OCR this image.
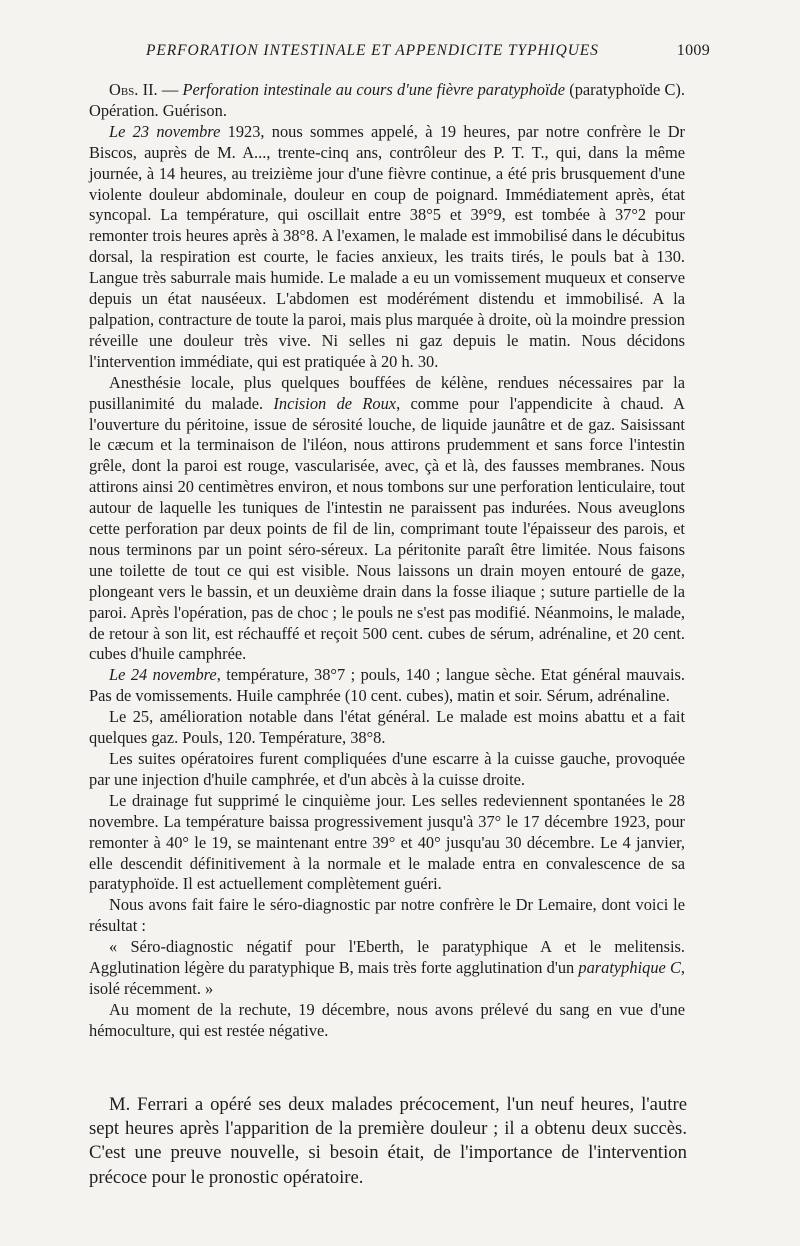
PERFORATION INTESTINALE ET APPENDICITE TYPHIQUES	1009

Obs. II. — Perforation intestinale au cours d'une fièvre paratyphoïde (paratyphoïde C). Opération. Guérison.

Le 23 novembre 1923, nous sommes appelé, à 19 heures, par notre confrère le Dr Biscos, auprès de M. A..., trente-cinq ans, contrôleur des P. T. T., qui, dans la même journée, à 14 heures, au treizième jour d'une fièvre continue, a été pris brusquement d'une violente douleur abdominale, douleur en coup de poignard. Immédiatement après, état syncopal. La température, qui oscillait entre 38°5 et 39°9, est tombée à 37°2 pour remonter trois heures après à 38°8. A l'examen, le malade est immobilisé dans le décubitus dorsal, la respiration est courte, le facies anxieux, les traits tirés, le pouls bat à 130. Langue très saburrale mais humide. Le malade a eu un vomissement muqueux et conserve depuis un état nauséeux. L'abdomen est modérément distendu et immobilisé. A la palpation, contracture de toute la paroi, mais plus marquée à droite, où la moindre pression réveille une douleur très vive. Ni selles ni gaz depuis le matin. Nous décidons l'intervention immédiate, qui est pratiquée à 20 h. 30.

Anesthésie locale, plus quelques bouffées de kélène, rendues nécessaires par la pusillanimité du malade. Incision de Roux, comme pour l'appendicite à chaud. A l'ouverture du péritoine, issue de sérosité louche, de liquide jaunâtre et de gaz. Saisissant le cæcum et la terminaison de l'iléon, nous attirons prudemment et sans force l'intestin grêle, dont la paroi est rouge, vascularisée, avec, çà et là, des fausses membranes. Nous attirons ainsi 20 centimètres environ, et nous tombons sur une perforation lenticulaire, tout autour de laquelle les tuniques de l'intestin ne paraissent pas indurées. Nous aveuglons cette perforation par deux points de fil de lin, comprimant toute l'épaisseur des parois, et nous terminons par un point séro-séreux. La péritonite paraît être limitée. Nous faisons une toilette de tout ce qui est visible. Nous laissons un drain moyen entouré de gaze, plongeant vers le bassin, et un deuxième drain dans la fosse iliaque ; suture partielle de la paroi. Après l'opération, pas de choc ; le pouls ne s'est pas modifié. Néanmoins, le malade, de retour à son lit, est réchauffé et reçoit 500 cent. cubes de sérum, adrénaline, et 20 cent. cubes d'huile camphrée.

Le 24 novembre, température, 38°7 ; pouls, 140 ; langue sèche. Etat général mauvais. Pas de vomissements. Huile camphrée (10 cent. cubes), matin et soir. Sérum, adrénaline.

Le 25, amélioration notable dans l'état général. Le malade est moins abattu et a fait quelques gaz. Pouls, 120. Température, 38°8.

Les suites opératoires furent compliquées d'une escarre à la cuisse gauche, provoquée par une injection d'huile camphrée, et d'un abcès à la cuisse droite.

Le drainage fut supprimé le cinquième jour. Les selles redeviennent spontanées le 28 novembre. La température baissa progressivement jusqu'à 37° le 17 décembre 1923, pour remonter à 40° le 19, se maintenant entre 39° et 40° jusqu'au 30 décembre. Le 4 janvier, elle descendit définitivement à la normale et le malade entra en convalescence de sa paratyphoïde. Il est actuellement complètement guéri.

Nous avons fait faire le séro-diagnostic par notre confrère le Dr Lemaire, dont voici le résultat :

« Séro-diagnostic négatif pour l'Eberth, le paratyphique A et le melitensis. Agglutination légère du paratyphique B, mais très forte agglutination d'un paratyphique C, isolé récemment. »

Au moment de la rechute, 19 décembre, nous avons prélevé du sang en vue d'une hémoculture, qui est restée négative.

M. Ferrari a opéré ses deux malades précocement, l'un neuf heures, l'autre sept heures après l'apparition de la première douleur ; il a obtenu deux succès. C'est une preuve nouvelle, si besoin était, de l'importance de l'intervention précoce pour le pronostic opératoire.
